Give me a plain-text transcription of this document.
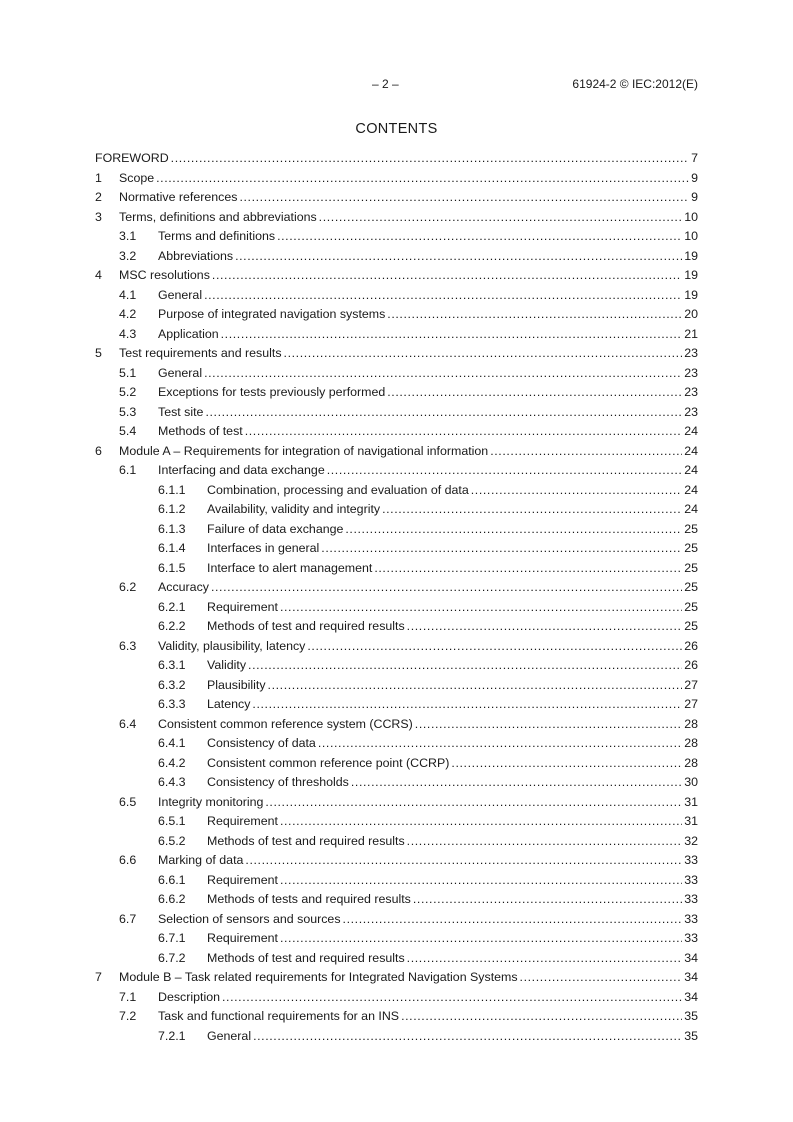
– 2 –	61924-2 © IEC:2012(E)
CONTENTS
FOREWORD .....	7
1	Scope .....	9
2	Normative references .....	9
3	Terms, definitions and abbreviations .....	10
3.1	Terms and definitions .....	10
3.2	Abbreviations .....	19
4	MSC resolutions .....	19
4.1	General .....	19
4.2	Purpose of integrated navigation systems .....	20
4.3	Application .....	21
5	Test requirements and results .....	23
5.1	General .....	23
5.2	Exceptions for tests previously performed .....	23
5.3	Test site .....	23
5.4	Methods of test .....	24
6	Module A – Requirements for integration of navigational information .....	24
6.1	Interfacing and data exchange .....	24
6.1.1	Combination, processing and evaluation of data .....	24
6.1.2	Availability, validity and integrity .....	24
6.1.3	Failure of data exchange .....	25
6.1.4	Interfaces in general .....	25
6.1.5	Interface to alert management .....	25
6.2	Accuracy .....	25
6.2.1	Requirement .....	25
6.2.2	Methods of test and required results .....	25
6.3	Validity, plausibility, latency .....	26
6.3.1	Validity .....	26
6.3.2	Plausibility .....	27
6.3.3	Latency .....	27
6.4	Consistent common reference system (CCRS) .....	28
6.4.1	Consistency of data .....	28
6.4.2	Consistent common reference point (CCRP) .....	28
6.4.3	Consistency of thresholds .....	30
6.5	Integrity monitoring .....	31
6.5.1	Requirement .....	31
6.5.2	Methods of test and required results .....	32
6.6	Marking of data .....	33
6.6.1	Requirement .....	33
6.6.2	Methods of tests and required results .....	33
6.7	Selection of sensors and sources .....	33
6.7.1	Requirement .....	33
6.7.2	Methods of test and required results .....	34
7	Module B – Task related requirements for Integrated Navigation Systems .....	34
7.1	Description .....	34
7.2	Task and functional requirements for an INS .....	35
7.2.1	General .....	35
